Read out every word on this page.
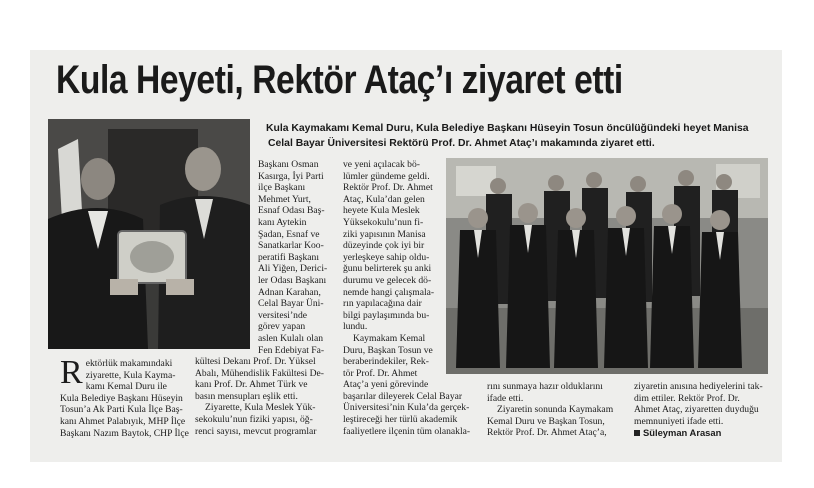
Kula Heyeti, Rektör Ataç’ı ziyaret etti
Kula Kaymakamı Kemal Duru, Kula Belediye Başkanı Hüseyin Tosun öncülüğündeki heyet Manisa
Celal Bayar Üniversitesi Rektörü Prof. Dr. Ahmet Ataç’ı makamında ziyaret etti.
R ektörlük makamındaki

ziyarette, Kula Kayma-

kamı Kemal Duru ile

Kula Belediye Başkanı Hüseyin

Tosun’a Ak Parti Kula İlçe Baş-

kanı Ahmet Palabıyık, MHP İlçe

Başkanı Nazım Baytok, CHP İlçe

Başkanı Osman

Kasırga, İyi Parti

ilçe Başkanı

Mehmet Yurt,

Esnaf Odası Baş-

kanı Aytekin

Şadan, Esnaf ve

Sanatkarlar Koo-

peratifi Başkanı

Ali Yiğen, Derici-

ler Odası Başkanı

Adnan Karahan,

Celal Bayar Üni-

versitesi’nde

görev yapan

aslen Kulalı olan

Fen Edebiyat Fa-

kültesi Dekanı Prof. Dr. Yüksel

Abalı, Mühendislik Fakültesi De-

kanı Prof. Dr. Ahmet Türk ve

basın mensupları eşlik etti.

Ziyarette, Kula Meslek Yük-

sekokulu’nun fiziki yapısı, öğ-

renci sayısı, mevcut programlar

ve yeni açılacak bö-

lümler gündeme geldi.

Rektör Prof. Dr. Ahmet

Ataç, Kula’dan gelen

heyete Kula Meslek

Yüksekokulu’nun fi-

ziki yapısının Manisa

düzeyinde çok iyi bir

yerleşkeye sahip oldu-

ğunu belirterek şu anki

durumu ve gelecek dö-

nemde hangi çalışmala-

rın yapılacağına dair

bilgi paylaşımında bu-

lundu.

Kaymakam Kemal

Duru, Başkan Tosun ve

beraberindekiler, Rek-

tör Prof. Dr. Ahmet

Ataç’a yeni görevinde

başarılar dileyerek Celal Bayar

Üniversitesi’nin Kula’da gerçek-

leştireceği her türlü akademik

faaliyetlere ilçenin tüm olanakla-

rını sunmaya hazır olduklarını

ifade etti.

Ziyaretin sonunda Kaymakam

Kemal Duru ve Başkan Tosun,

Rektör Prof. Dr. Ahmet Ataç’a,

ziyaretin anısına hediyelerini tak-

dim ettiler. Rektör Prof. Dr.

Ahmet Ataç, ziyaretten duyduğu

memnuniyeti ifade etti.

Süleyman Arasan
